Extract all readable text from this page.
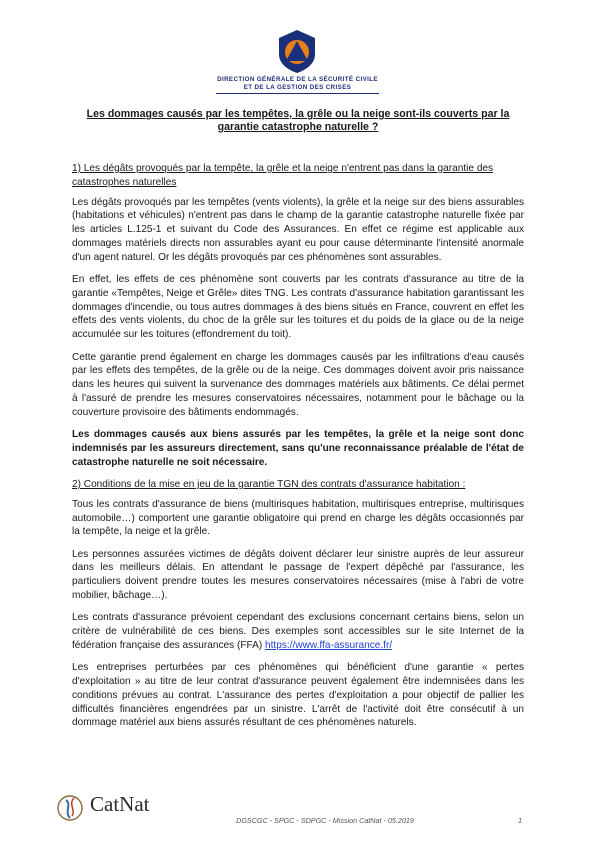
DIRECTION GÉNÉRALE DE LA SÉCURITÉ CIVILE
ET DE LA GESTION DES CRISES
Les dommages causés par les tempêtes, la grêle ou la neige sont-ils couverts par la garantie catastrophe naturelle ?
1) Les dégâts provoqués par la tempête, la grêle et la neige n'entrent pas dans la garantie des catastrophes naturelles

Les dégâts provoqués par les tempêtes (vents violents), la grêle et la neige sur des biens assurables (habitations et véhicules) n'entrent pas dans le champ de la garantie catastrophe naturelle fixée par les articles L.125-1 et suivant du Code des Assurances. En effet ce régime est applicable aux dommages matériels directs non assurables ayant eu pour cause déterminante l'intensité anormale d'un agent naturel. Or les dégâts provoqués par ces phénomènes sont assurables.

En effet, les effets de ces phénomène sont couverts par les contrats d'assurance au titre de la garantie «Tempêtes, Neige et Grêle» dites TNG. Les contrats d'assurance habitation garantissant les dommages d'incendie, ou tous autres dommages à des biens situés en France, couvrent en effet les effets des vents violents, du choc de la grêle sur les toitures et du poids de la glace ou de la neige accumulée sur les toitures (effondrement du toit).

Cette garantie prend également en charge les dommages causés par les infiltrations d'eau causés par les effets des tempêtes, de la grêle ou de la neige. Ces dommages doivent avoir pris naissance dans les heures qui suivent la survenance des dommages matériels aux bâtiments. Ce délai permet à l'assuré de prendre les mesures conservatoires nécessaires, notamment pour le bâchage ou la couverture provisoire des bâtiments endommagés.

Les dommages causés aux biens assurés par les tempêtes, la grêle et la neige sont donc indemnisés par les assureurs directement, sans qu'une reconnaissance préalable de l'état de catastrophe naturelle ne soit nécessaire.

2) Conditions de la mise en jeu de la garantie TGN des contrats d'assurance habitation :

Tous les contrats d'assurance de biens (multirisques habitation, multirisques entreprise, multirisques automobile…) comportent une garantie obligatoire qui prend en charge les dégâts occasionnés par la tempête, la neige et la grêle.

Les personnes assurées victimes de dégâts doivent déclarer leur sinistre auprès de leur assureur dans les meilleurs délais. En attendant le passage de l'expert dépêché par l'assurance, les particuliers doivent prendre toutes les mesures conservatoires nécessaires (mise à l'abri de votre mobilier, bâchage…).

Les contrats d'assurance prévoient cependant des exclusions concernant certains biens, selon un critère de vulnérabilité de ces biens. Des exemples sont accessibles sur le site Internet de la fédération française des assurances (FFA) https://www.ffa-assurance.fr/

Les entreprises perturbées par ces phénomènes qui bénéficient d'une garantie « pertes d'exploitation » au titre de leur contrat d'assurance peuvent également être indemnisées dans les conditions prévues au contrat. L'assurance des pertes d'exploitation a pour objectif de pallier les difficultés financières engendrées par un sinistre. L'arrêt de l'activité doit être consécutif à un dommage matériel aux biens assurés résultant de ces phénomènes naturels.

CatNat
DGSCGC - SPGC - SDPGC - Mission CatNat - 05.2019	1
